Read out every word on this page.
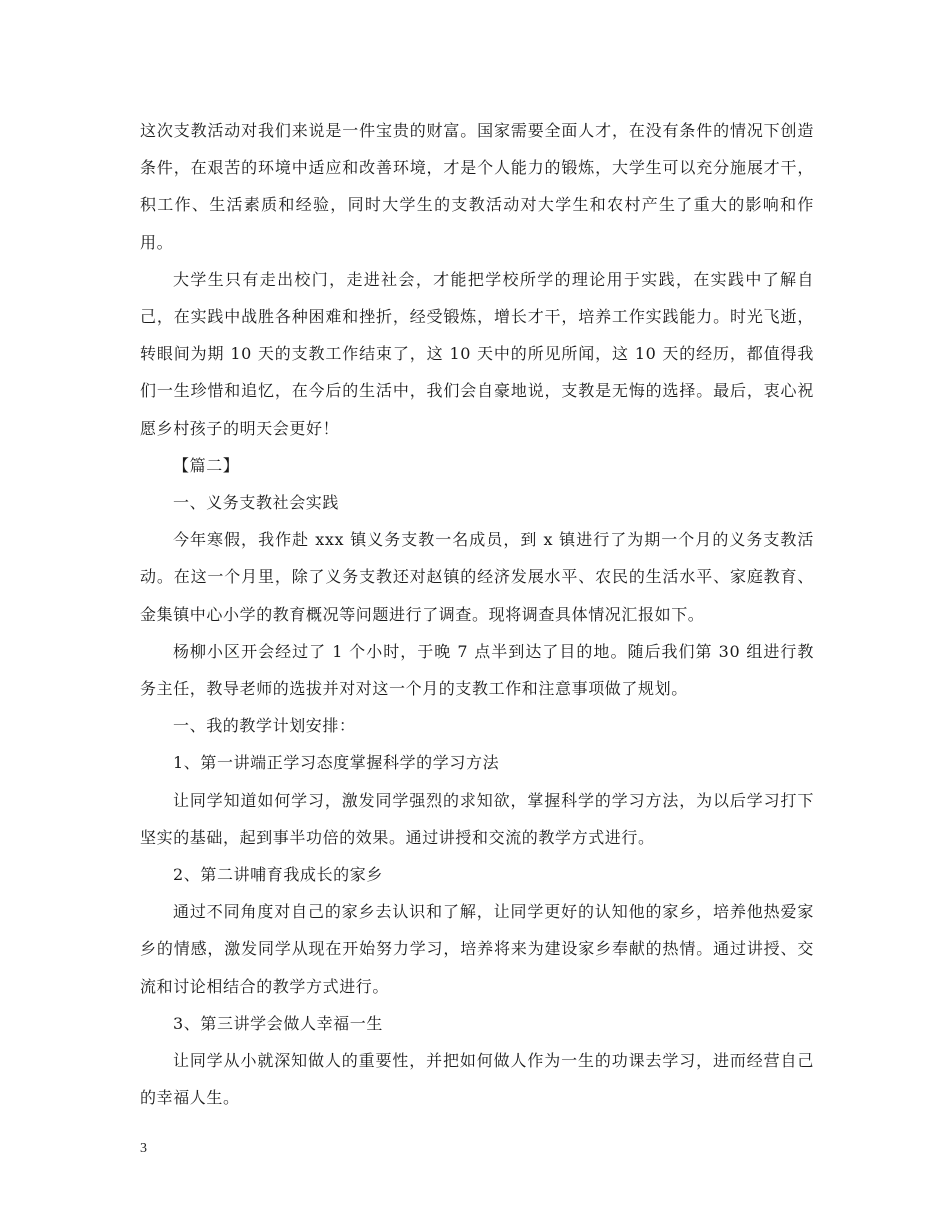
这次支教活动对我们来说是一件宝贵的财富。国家需要全面人才，在没有条件的情况下创造条件，在艰苦的环境中适应和改善环境，才是个人能力的锻炼，大学生可以充分施展才干，积工作、生活素质和经验，同时大学生的支教活动对大学生和农村产生了重大的影响和作用。

大学生只有走出校门，走进社会，才能把学校所学的理论用于实践，在实践中了解自己，在实践中战胜各种困难和挫折，经受锻炼，增长才干，培养工作实践能力。时光飞逝，转眼间为期 10 天的支教工作结束了，这 10 天中的所见所闻，这 10 天的经历，都值得我们一生珍惜和追忆，在今后的生活中，我们会自豪地说，支教是无悔的选择。最后，衷心祝愿乡村孩子的明天会更好！

【篇二】

一、义务支教社会实践

今年寒假，我作赴 xxx 镇义务支教一名成员，到 x 镇进行了为期一个月的义务支教活动。在这一个月里，除了义务支教还对赵镇的经济发展水平、农民的生活水平、家庭教育、金集镇中心小学的教育概况等问题进行了调查。现将调查具体情况汇报如下。

杨柳小区开会经过了 1 个小时，于晚 7 点半到达了目的地。随后我们第 30 组进行教务主任，教导老师的选拔并对对这一个月的支教工作和注意事项做了规划。

一、我的教学计划安排：

1、第一讲端正学习态度掌握科学的学习方法

让同学知道如何学习，激发同学强烈的求知欲，掌握科学的学习方法，为以后学习打下坚实的基础，起到事半功倍的效果。通过讲授和交流的教学方式进行。

2、第二讲哺育我成长的家乡

通过不同角度对自己的家乡去认识和了解，让同学更好的认知他的家乡，培养他热爱家乡的情感，激发同学从现在开始努力学习，培养将来为建设家乡奉献的热情。通过讲授、交流和讨论相结合的教学方式进行。

3、第三讲学会做人幸福一生

让同学从小就深知做人的重要性，并把如何做人作为一生的功课去学习，进而经营自己的幸福人生。

3
